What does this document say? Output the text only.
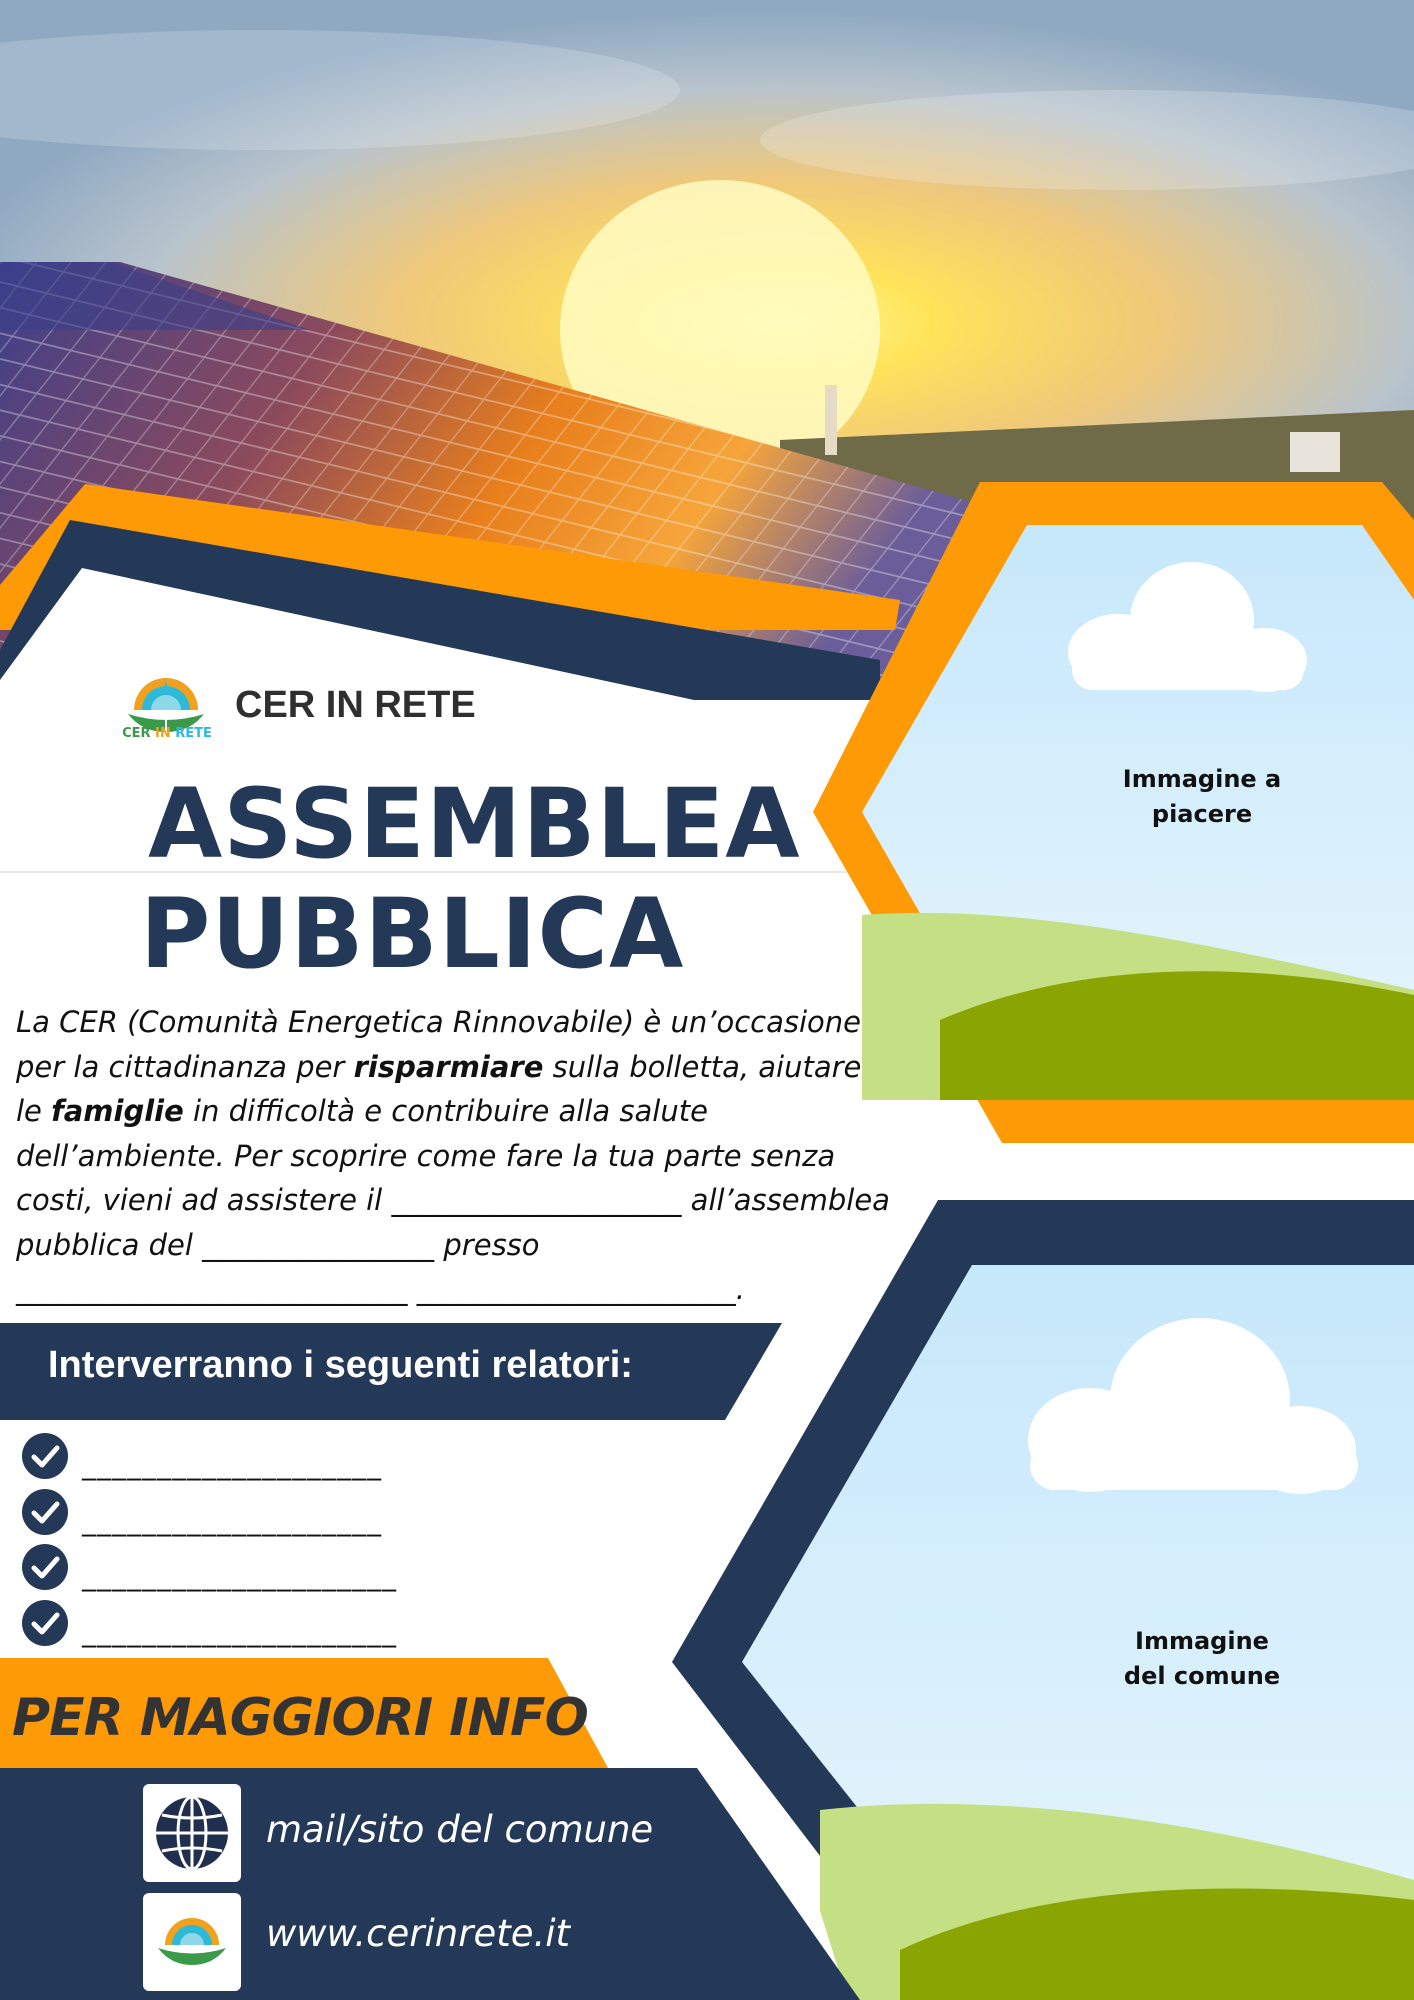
CER IN RETE
CER IN RETE
ASSEMBLEA
PUBBLICA
La CER (Comunità Energetica Rinnovabile) è un’occasione per la cittadinanza per risparmiare sulla bolletta, aiutare le famiglie in difficoltà e contribuire alla salute dell’ambiente. Per scoprire come fare la tua parte senza costi, vieni ad assistere il ____________________ all’assemblea pubblica del ________________ presso ___________________________ ______________________.
Interverranno i seguenti relatori:
____________________
____________________
_____________________
_____________________
PER MAGGIORI INFO
mail/sito del comune
www.cerinrete.it
Immagine a
piacere
Immagine
del comune
